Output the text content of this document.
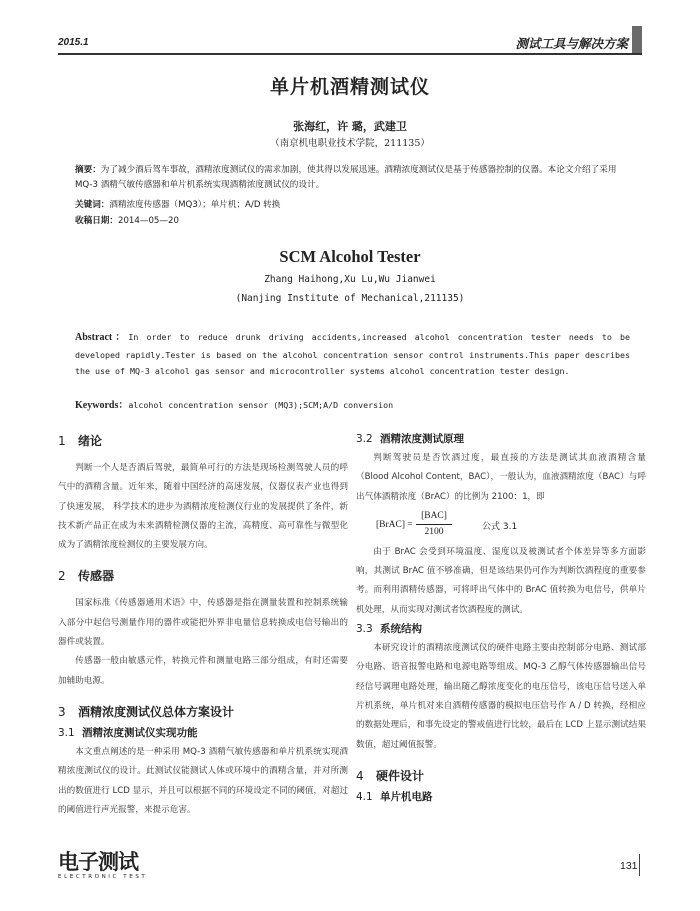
2015.1	测试工具与解决方案
单片机酒精测试仪
张海红，许 璐，武建卫
（南京机电职业技术学院，211135）
摘要：为了减少酒后驾车事故，酒精浓度测试仪的需求加剧，使其得以发展迅速。酒精浓度测试仪是基于传感器控制的仪器。本论文介绍了采用 MQ-3 酒精气敏传感器和单片机系统实现酒精浓度测试仪的设计。
关键词：酒精浓度传感器（MQ3）；单片机；A/D 转换
收稿日期：2014—05—20
SCM Alcohol Tester
Zhang Haihong,Xu Lu,Wu Jianwei
(Nanjing Institute of Mechanical,211135)
Abstract：In order to reduce drunk driving accidents,increased alcohol concentration tester needs to be developed rapidly.Tester is based on the alcohol concentration sensor control instruments.This paper describes the use of MQ-3 alcohol gas sensor and microcontroller systems alcohol concentration tester design.
Keywords：alcohol concentration sensor (MQ3);SCM;A/D conversion
1 绪论
判断一个人是否酒后驾驶，最简单可行的方法是现场检测驾驶人员的呼气中的酒精含量。近年来，随着中国经济的高速发展，仪器仪表产业也得到了快速发展， 科学技术的进步为酒精浓度检测仪行业的发展提供了条件，新技术新产品正在成为未来酒精检测仪器的主流，高精度、高可靠性与微型化成为了酒精浓度检测仪的主要发展方向。
2 传感器
国家标准《传感器通用术语》中，传感器是指在测量装置和控制系统输入部分中起信号测量作用的器件或能把外界非电量信息转换成电信号输出的器件或装置。
传感器一般由敏感元件，转换元件和测量电路三部分组成，有时还需要加辅助电源。
3 酒精浓度测试仪总体方案设计
3.1 酒精浓度测试仪实现功能
本文重点阐述的是一种采用 MQ-3 酒精气敏传感器和单片机系统实现酒精浓度测试仪的设计。此测试仪能测试人体或环境中的酒精含量，并对所测出的数值进行 LCD 显示，并且可以根据不同的环境设定不同的阈值，对超过的阈值进行声光报警，来提示危害。
3.2 酒精浓度测试原理
判断驾驶员是否饮酒过度，最直接的方法是测试其血液酒精含量（Blood Alcohol Content，BAC），一般认为，血液酒精浓度（BAC）与呼出气体酒精浓度（BrAC）的比例为 2100：1，即
[BrAC] =
[BAC]
2100	公式 3.1
由于 BrAC 会受到环境温度、湿度以及被测试者个体差异等多方面影响，其测试 BrAC 值不够准确，但是该结果仍可作为判断饮酒程度的重要参考。而利用酒精传感器，可将呼出气体中的 BrAC 值转换为电信号，供单片机处理，从而实现对测试者饮酒程度的测试。
3.3 系统结构
本研究设计的酒精浓度测试仪的硬件电路主要由控制部分电路、测试部分电路、语音报警电路和电源电路等组成。MQ-3 乙醇气体传感器输出信号经信号调理电路处理，输出随乙醇浓度变化的电压信号，该电压信号送入单片机系统，单片机对来自酒精传感器的模拟电压信号作 A / D 转换，经相应的数据处理后，和事先设定的警戒值进行比较，最后在 LCD 上显示测试结果数值，超过阈值报警。
4 硬件设计
4.1 单片机电路
电子测试
ELECTRONIC TEST
131
